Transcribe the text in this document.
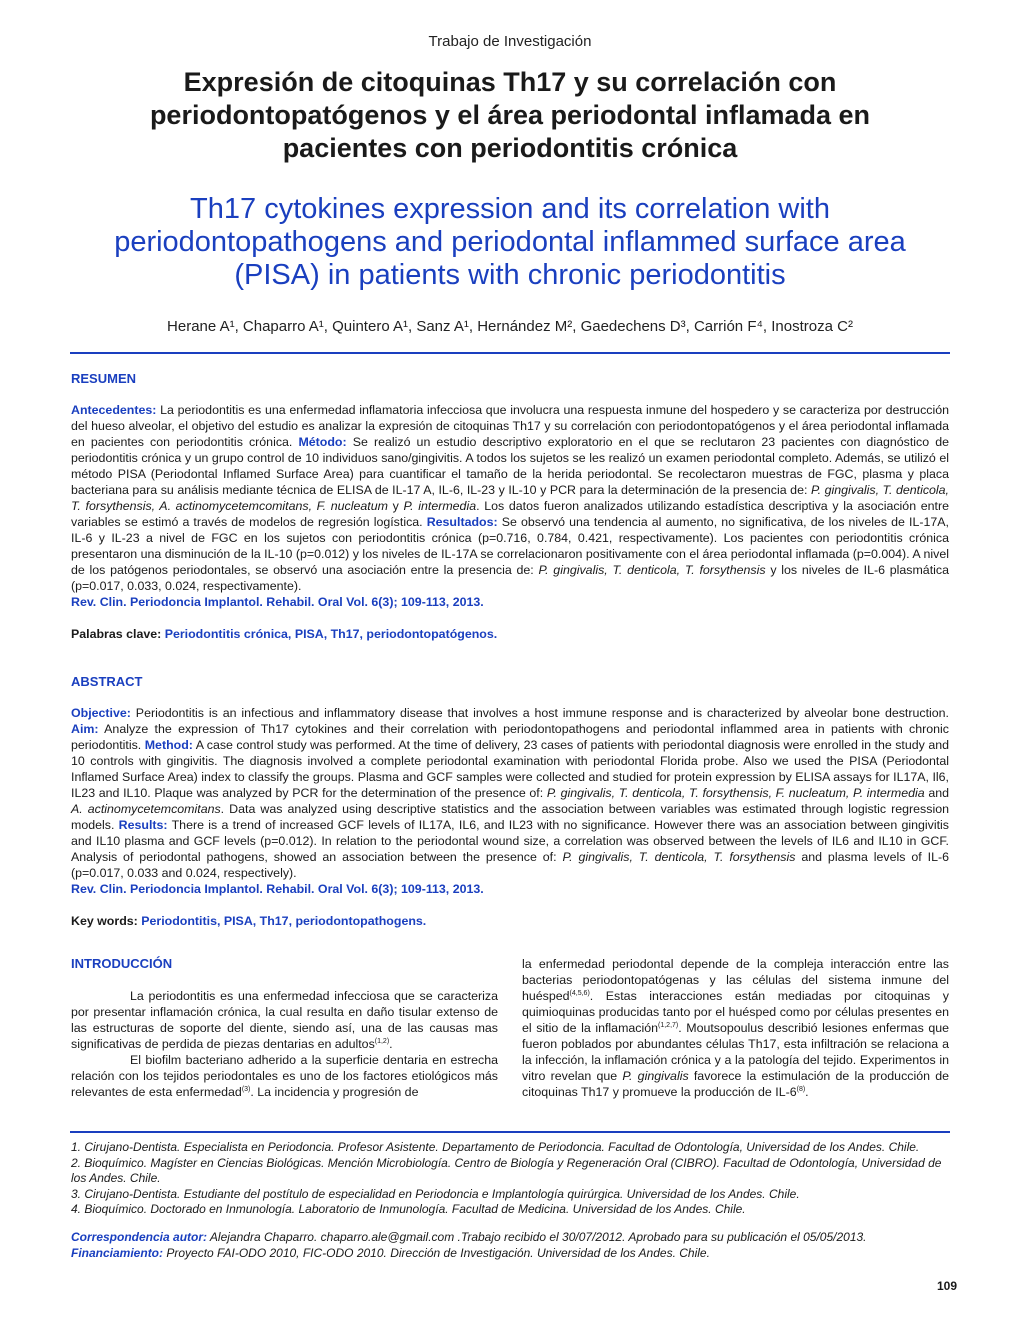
Trabajo de Investigación
Expresión de citoquinas Th17 y su correlación con periodontopatógenos y el área periodontal inflamada en pacientes con periodontitis crónica
Th17 cytokines expression and its correlation with periodontopathogens and periodontal inflammed surface area (PISA) in patients with chronic periodontitis
Herane A¹, Chaparro A¹, Quintero A¹, Sanz A¹, Hernández M², Gaedechens D³, Carrión F⁴, Inostroza C²
RESUMEN
Antecedentes: La periodontitis es una enfermedad inflamatoria infecciosa que involucra una respuesta inmune del hospedero y se caracteriza por destrucción del hueso alveolar, el objetivo del estudio es analizar la expresión de citoquinas Th17 y su correlación con periodontopatógenos y el área periodontal inflamada en pacientes con periodontitis crónica. Método: Se realizó un estudio descriptivo exploratorio en el que se reclutaron 23 pacientes con diagnóstico de periodontitis crónica y un grupo control de 10 individuos sano/gingivitis. A todos los sujetos se les realizó un examen periodontal completo. Además, se utilizó el método PISA (Periodontal Inflamed Surface Area) para cuantificar el tamaño de la herida periodontal. Se recolectaron muestras de FGC, plasma y placa bacteriana para su análisis mediante técnica de ELISA de IL-17 A, IL-6, IL-23 y IL-10 y PCR para la determinación de la presencia de: P. gingivalis, T. denticola, T. forsythensis, A. actinomycetemcomitans, F. nucleatum y P. intermedia. Los datos fueron analizados utilizando estadística descriptiva y la asociación entre variables se estimó a través de modelos de regresión logística. Resultados: Se observó una tendencia al aumento, no significativa, de los niveles de IL-17A, IL-6 y IL-23 a nivel de FGC en los sujetos con periodontitis crónica (p=0.716, 0.784, 0.421, respectivamente). Los pacientes con periodontitis crónica presentaron una disminución de la IL-10 (p=0.012) y los niveles de IL-17A se correlacionaron positivamente con el área periodontal inflamada (p=0.004). A nivel de los patógenos periodontales, se observó una asociación entre la presencia de: P. gingivalis, T. denticola, T. forsythensis y los niveles de IL-6 plasmática (p=0.017, 0.033, 0.024, respectivamente).
Rev. Clin. Periodoncia Implantol. Rehabil. Oral Vol. 6(3); 109-113, 2013.
Palabras clave: Periodontitis crónica, PISA, Th17, periodontopatógenos.
ABSTRACT
Objective: Periodontitis is an infectious and inflammatory disease that involves a host immune response and is characterized by alveolar bone destruction. Aim: Analyze the expression of Th17 cytokines and their correlation with periodontopathogens and periodontal inflammed area in patients with chronic periodontitis. Method: A case control study was performed. At the time of delivery, 23 cases of patients with periodontal diagnosis were enrolled in the study and 10 controls with gingivitis. The diagnosis involved a complete periodontal examination with periodontal Florida probe. Also we used the PISA (Periodontal Inflamed Surface Area) index to classify the groups. Plasma and GCF samples were collected and studied for protein expression by ELISA assays for IL17A, Il6, IL23 and IL10. Plaque was analyzed by PCR for the determination of the presence of: P. gingivalis, T. denticola, T. forsythensis, F. nucleatum, P. intermedia and A. actinomycetemcomitans. Data was analyzed using descriptive statistics and the association between variables was estimated through logistic regression models. Results: There is a trend of increased GCF levels of IL17A, IL6, and IL23 with no significance. However there was an association between gingivitis and IL10 plasma and GCF levels (p=0.012). In relation to the periodontal wound size, a correlation was observed between the levels of IL6 and IL10 in GCF. Analysis of periodontal pathogens, showed an association between the presence of: P. gingivalis, T. denticola, T. forsythensis and plasma levels of IL-6 (p=0.017, 0.033 and 0.024, respectively).
Rev. Clin. Periodoncia Implantol. Rehabil. Oral Vol. 6(3); 109-113, 2013.
Key words: Periodontitis, PISA, Th17, periodontopathogens.
INTRODUCCIÓN

La periodontitis es una enfermedad infecciosa que se caracteriza por presentar inflamación crónica, la cual resulta en daño tisular extenso de las estructuras de soporte del diente, siendo así, una de las causas mas significativas de perdida de piezas dentarias en adultos$^{(1,2)}$.

El biofilm bacteriano adherido a la superficie dentaria en estrecha relación con los tejidos periodontales es uno de los factores etiológicos más relevantes de esta enfermedad$^{(3)}$. La incidencia y progresión de

la enfermedad periodontal depende de la compleja interacción entre las bacterias periodontopatógenas y las células del sistema inmune del huésped$^{(4,5,6)}$. Estas interacciones están mediadas por citoquinas y quimioquinas producidas tanto por el huésped como por células presentes en el sitio de la inflamación$^{(1,2,7)}$. Moutsopoulus describió lesiones enfermas que fueron poblados por abundantes células Th17, esta infiltración se relaciona a la infección, la inflamación crónica y a la patología del tejido. Experimentos in vitro revelan que P. gingivalis favorece la estimulación de la producción de citoquinas Th17 y promueve la producción de IL-6$^{(8)}$.

1. Cirujano-Dentista. Especialista en Periodoncia. Profesor Asistente. Departamento de Periodoncia. Facultad de Odontología, Universidad de los Andes. Chile.

2. Bioquímico. Magíster en Ciencias Biológicas. Mención Microbiología. Centro de Biología y Regeneración Oral (CIBRO). Facultad de Odontología, Universidad de los Andes. Chile.

3. Cirujano-Dentista. Estudiante del postítulo de especialidad en Periodoncia e Implantología quirúrgica. Universidad de los Andes. Chile.

4. Bioquímico. Doctorado en Inmunología. Laboratorio de Inmunología. Facultad de Medicina. Universidad de los Andes. Chile.

Correspondencia autor: Alejandra Chaparro. chaparro.ale@gmail.com .Trabajo recibido el 30/07/2012. Aprobado para su publicación el 05/05/2013.

Financiamiento: Proyecto FAI-ODO 2010, FIC-ODO 2010. Dirección de Investigación. Universidad de los Andes. Chile.

109
